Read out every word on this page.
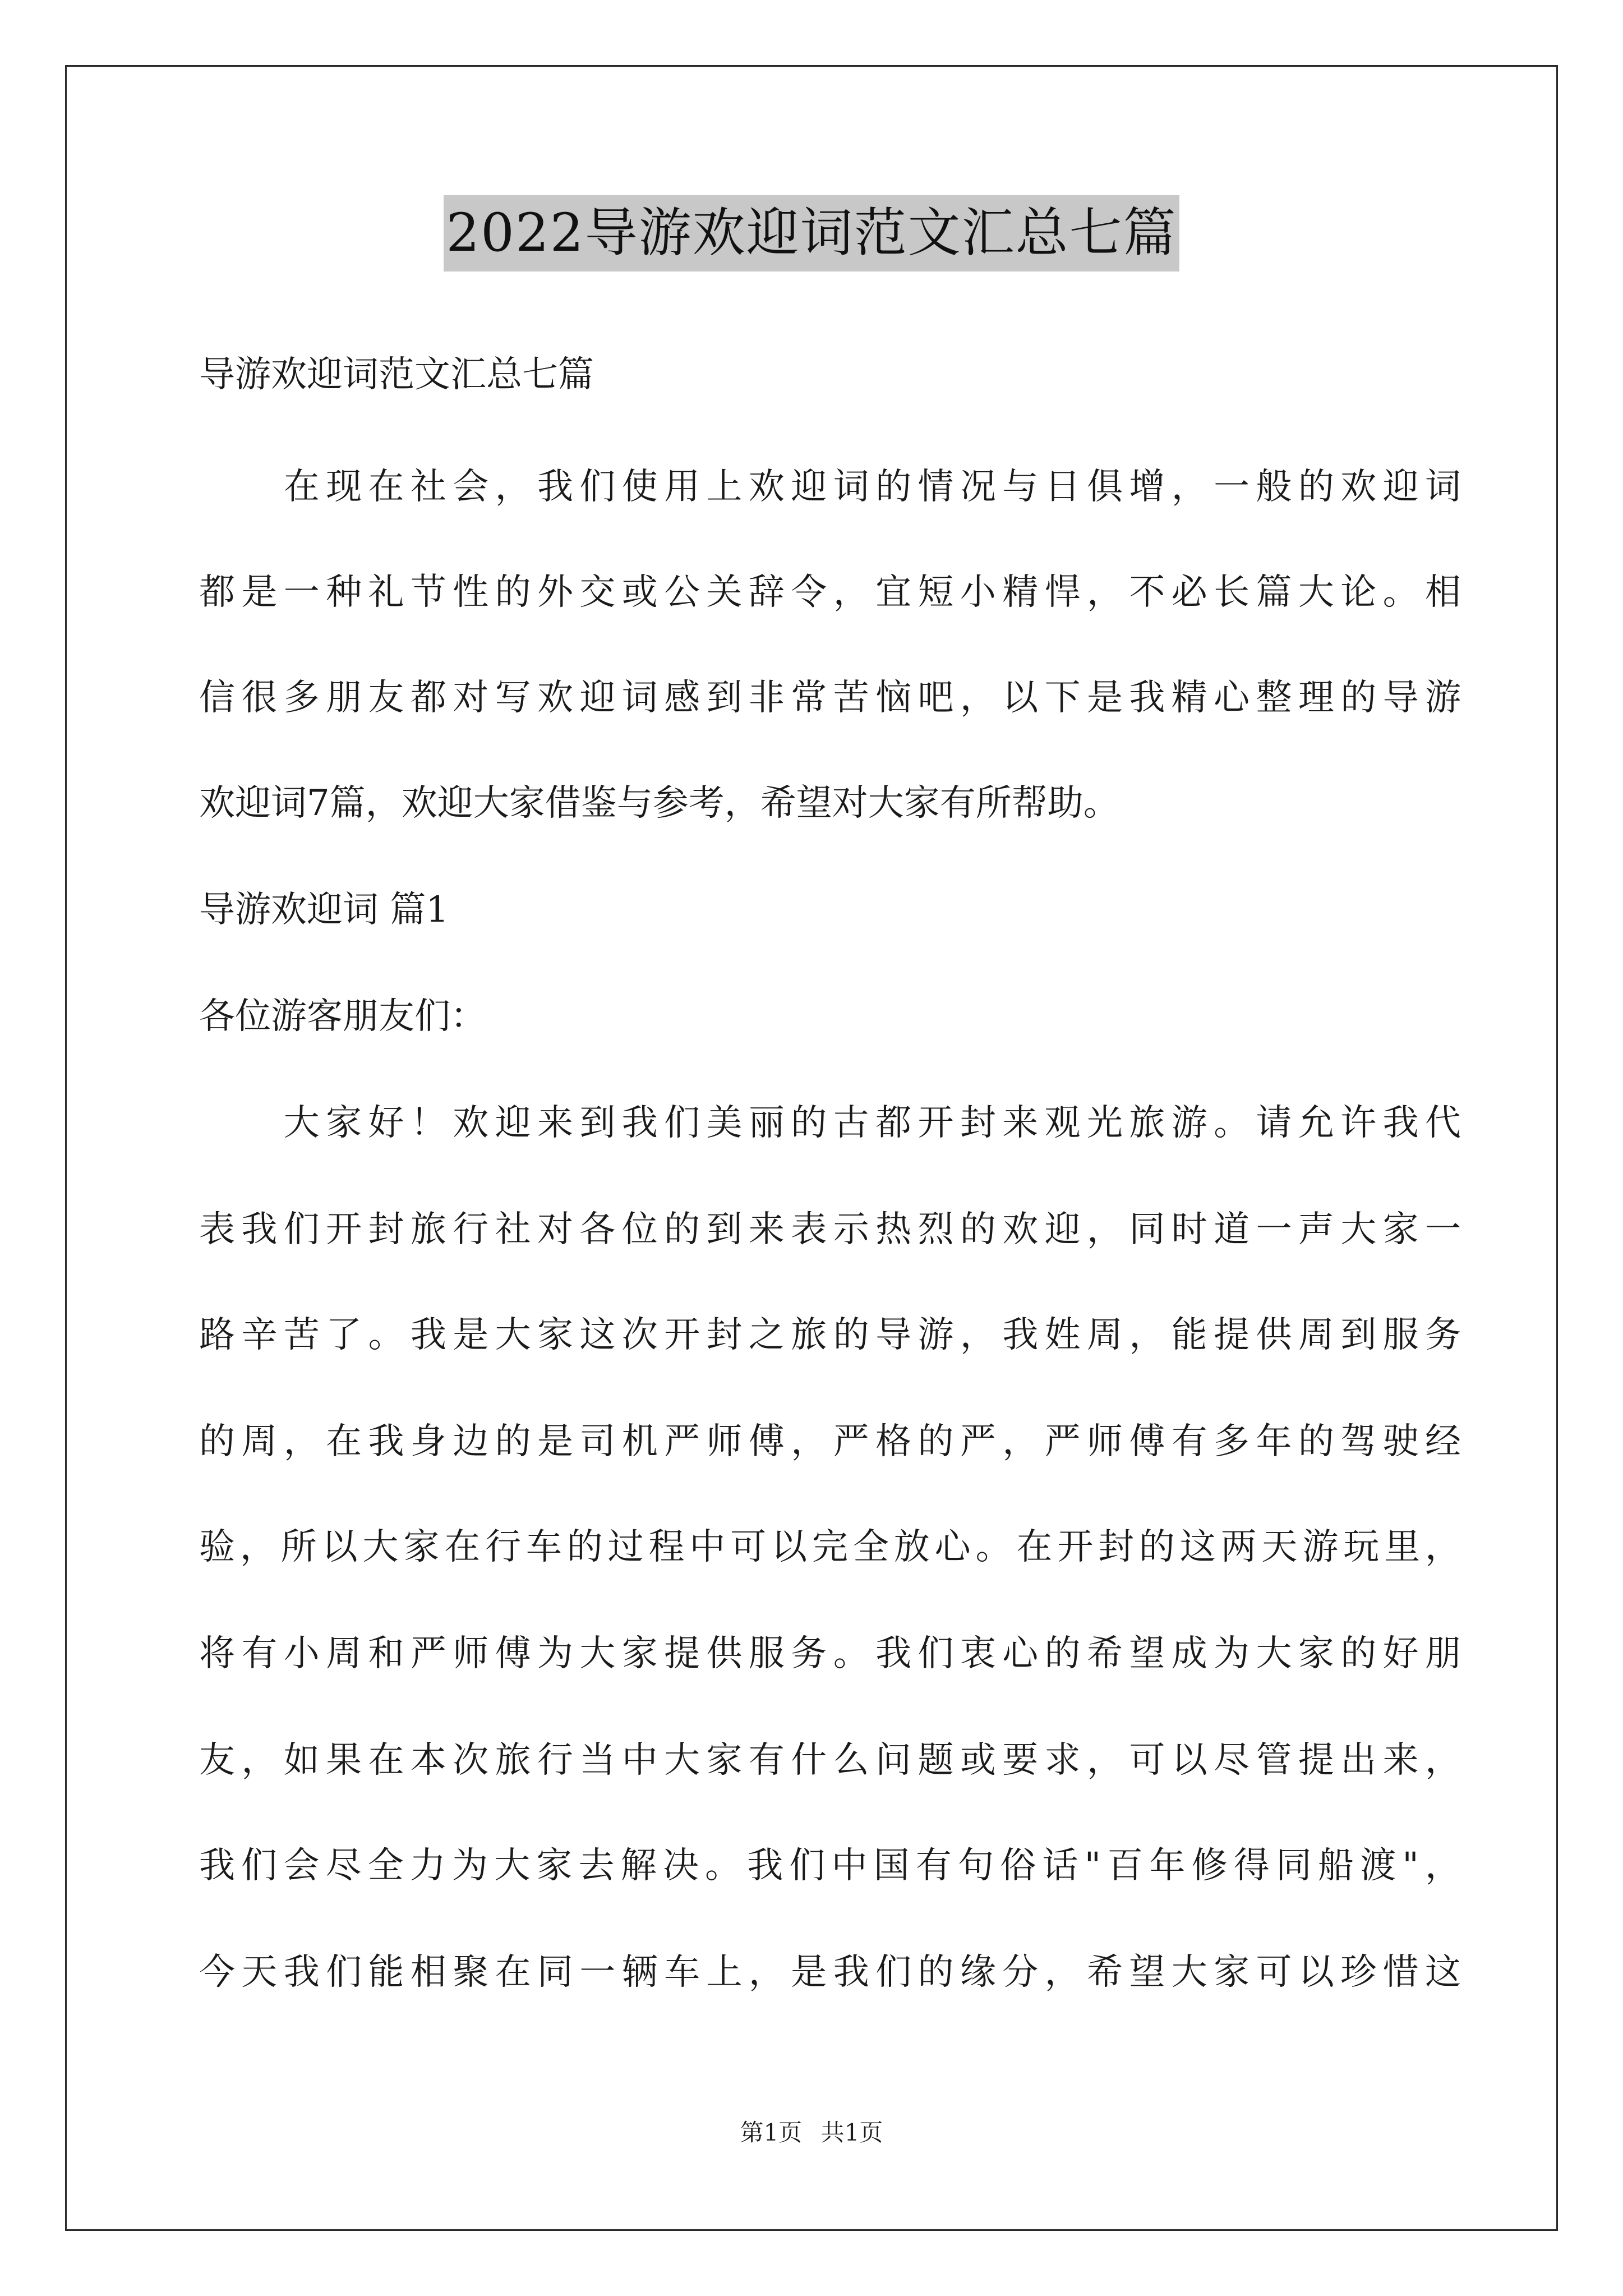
2022导游欢迎词范文汇总七篇
导游欢迎词范文汇总七篇
　　在现在社会，我们使用上欢迎词的情况与日俱增，一般的欢迎词
都是一种礼节性的外交或公关辞令，宜短小精悍，不必长篇大论。相
信很多朋友都对写欢迎词感到非常苦恼吧，以下是我精心整理的导游
欢迎词7篇，欢迎大家借鉴与参考，希望对大家有所帮助。
导游欢迎词 篇1
各位游客朋友们：
　　大家好！欢迎来到我们美丽的古都开封来观光旅游。请允许我代
表我们开封旅行社对各位的到来表示热烈的欢迎，同时道一声大家一
路辛苦了。我是大家这次开封之旅的导游，我姓周，能提供周到服务
的周，在我身边的是司机严师傅，严格的严，严师傅有多年的驾驶经
验，所以大家在行车的过程中可以完全放心。在开封的这两天游玩里，
将有小周和严师傅为大家提供服务。我们衷心的希望成为大家的好朋
友，如果在本次旅行当中大家有什么问题或要求，可以尽管提出来，
我们会尽全力为大家去解决。我们中国有句俗话"百年修得同船渡"，
今天我们能相聚在同一辆车上，是我们的缘分，希望大家可以珍惜这
第1页 共1页
